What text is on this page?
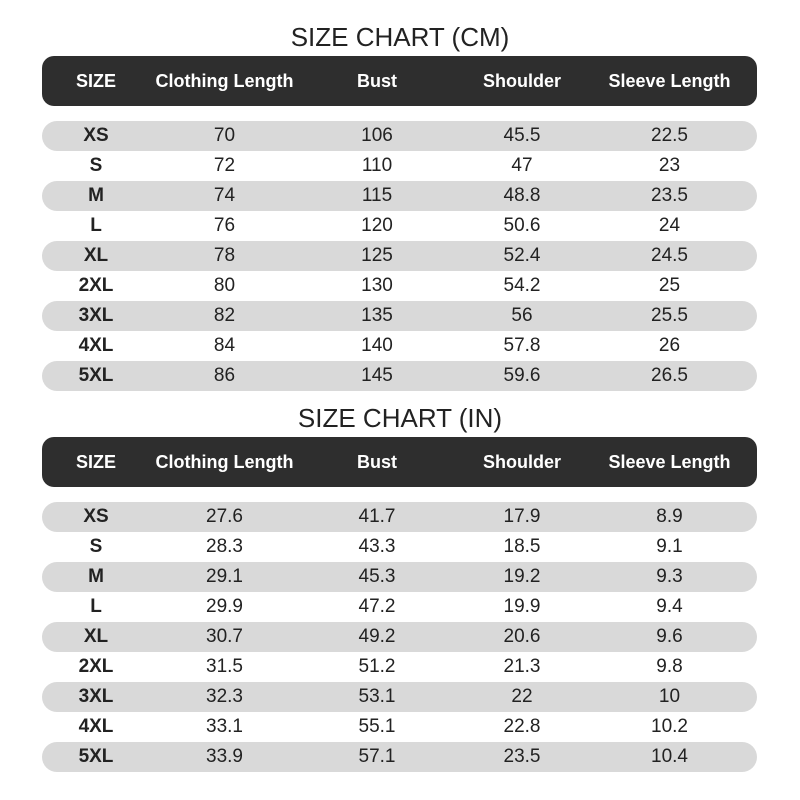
SIZE CHART (CM)
SIZE	Clothing Length	Bust	Shoulder	Sleeve Length
XS	70	106	45.5	22.5
S	72	110	47	23
M	74	115	48.8	23.5
L	76	120	50.6	24
XL	78	125	52.4	24.5
2XL	80	130	54.2	25
3XL	82	135	56	25.5
4XL	84	140	57.8	26
5XL	86	145	59.6	26.5
SIZE CHART (IN)
SIZE	Clothing Length	Bust	Shoulder	Sleeve Length
XS	27.6	41.7	17.9	8.9
S	28.3	43.3	18.5	9.1
M	29.1	45.3	19.2	9.3
L	29.9	47.2	19.9	9.4
XL	30.7	49.2	20.6	9.6
2XL	31.5	51.2	21.3	9.8
3XL	32.3	53.1	22	10
4XL	33.1	55.1	22.8	10.2
5XL	33.9	57.1	23.5	10.4
